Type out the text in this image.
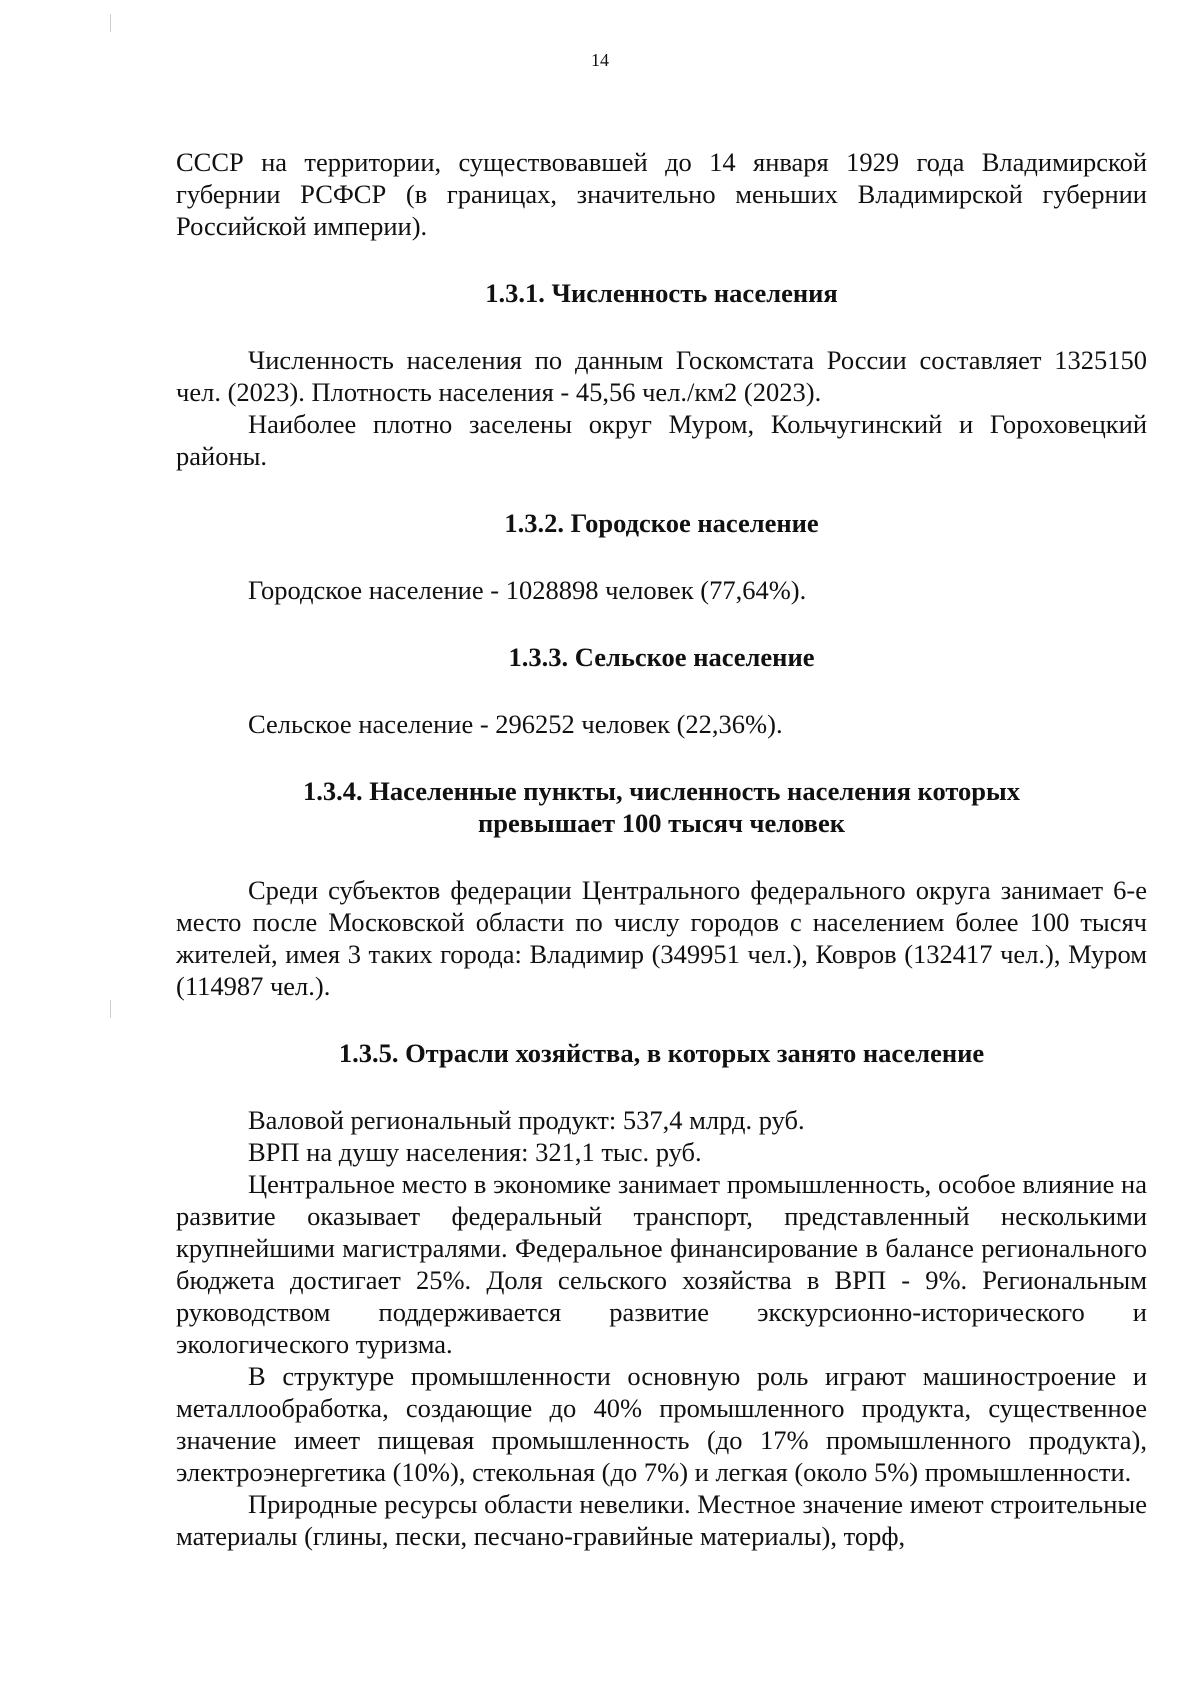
14

СССР на территории, существовавшей до 14 января 1929 года Владимирской губернии РСФСР (в границах, значительно меньших Владимирской губернии Российской империи).

1.3.1. Численность населения

Численность населения по данным Госкомстата России составляет 1325150 чел. (2023). Плотность населения - 45,56 чел./км2 (2023).

Наиболее плотно заселены округ Муром, Кольчугинский и Гороховецкий районы.

1.3.2. Городское население

Городское население - 1028898 человек (77,64%).

1.3.3. Сельское население

Сельское население - 296252 человек (22,36%).

1.3.4. Населенные пункты, численность населения которых

превышает 100 тысяч человек

Среди субъектов федерации Центрального федерального округа занимает 6-е место после Московской области по числу городов с населением более 100 тысяч жителей, имея 3 таких города: Владимир (349951 чел.), Ковров (132417 чел.), Муром (114987 чел.).

1.3.5. Отрасли хозяйства, в которых занято население

Валовой региональный продукт: 537,4 млрд. руб.

ВРП на душу населения: 321,1 тыс. руб.

Центральное место в экономике занимает промышленность, особое влияние на развитие оказывает федеральный транспорт, представленный несколькими крупнейшими магистралями. Федеральное финансирование в балансе регионального бюджета достигает 25%. Доля сельского хозяйства в ВРП - 9%. Региональным руководством поддерживается развитие экскурсионно-исторического и экологического туризма.

В структуре промышленности основную роль играют машиностроение и металлообработка, создающие до 40% промышленного продукта, существенное значение имеет пищевая промышленность (до 17% промышленного продукта), электроэнергетика (10%), стекольная (до 7%) и легкая (около 5%) промышленности.

Природные ресурсы области невелики. Местное значение имеют строительные материалы (глины, пески, песчано-гравийные материалы), торф,
